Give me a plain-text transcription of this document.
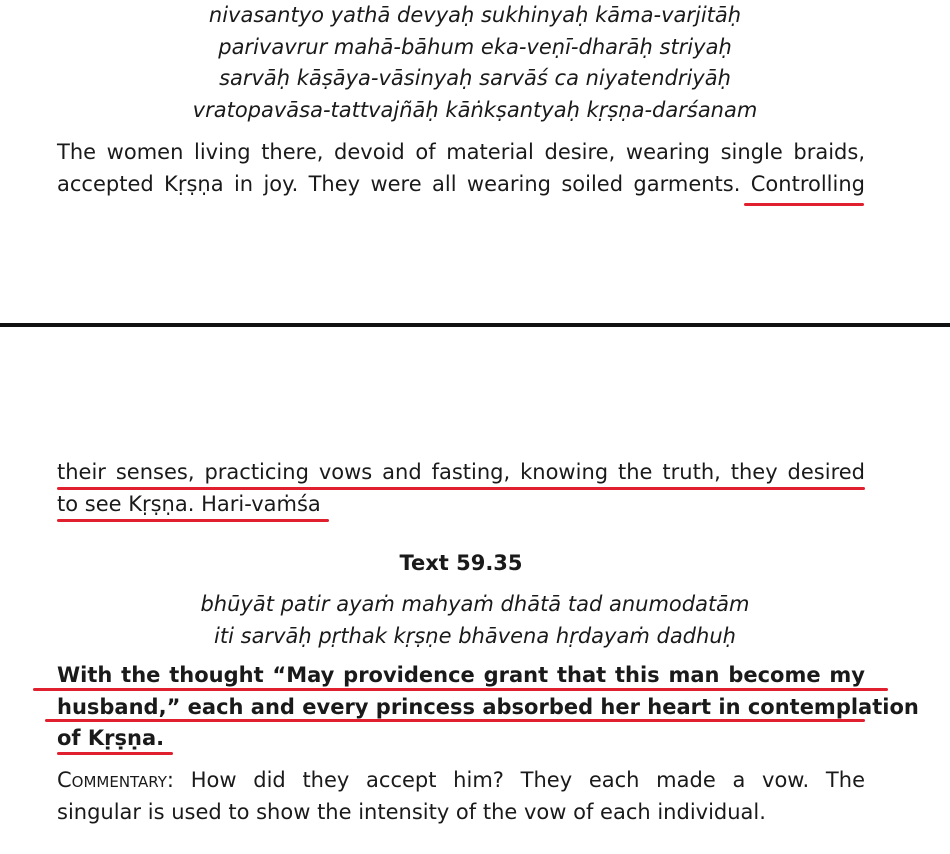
nivasantyo yathā devyaḥ sukhinyaḥ kāma-varjitāḥ
parivavrur mahā-bāhum eka-veṇī-dharāḥ striyaḥ
sarvāḥ kāṣāya-vāsinyaḥ sarvāś ca niyatendriyāḥ
vratopavāsa-tattvajñāḥ kāṅkṣantyaḥ kṛṣṇa-darśanam
The women living there, devoid of material desire, wearing single braids,
accepted Kṛṣṇa in joy. They were all wearing soiled garments. Controlling
their senses, practicing vows and fasting, knowing the truth, they desired
to see Kṛṣṇa. Hari-vaṁśa
Text 59.35
bhūyāt patir ayaṁ mahyaṁ dhātā tad anumodatām
iti sarvāḥ pṛthak kṛṣṇe bhāvena hṛdayaṁ dadhuḥ
With the thought “May providence grant that this man become my
husband,” each and every princess absorbed her heart in contemplation
of Kṛṣṇa.
Commentary: How did they accept him? They each made a vow. The
singular is used to show the intensity of the vow of each individual.
